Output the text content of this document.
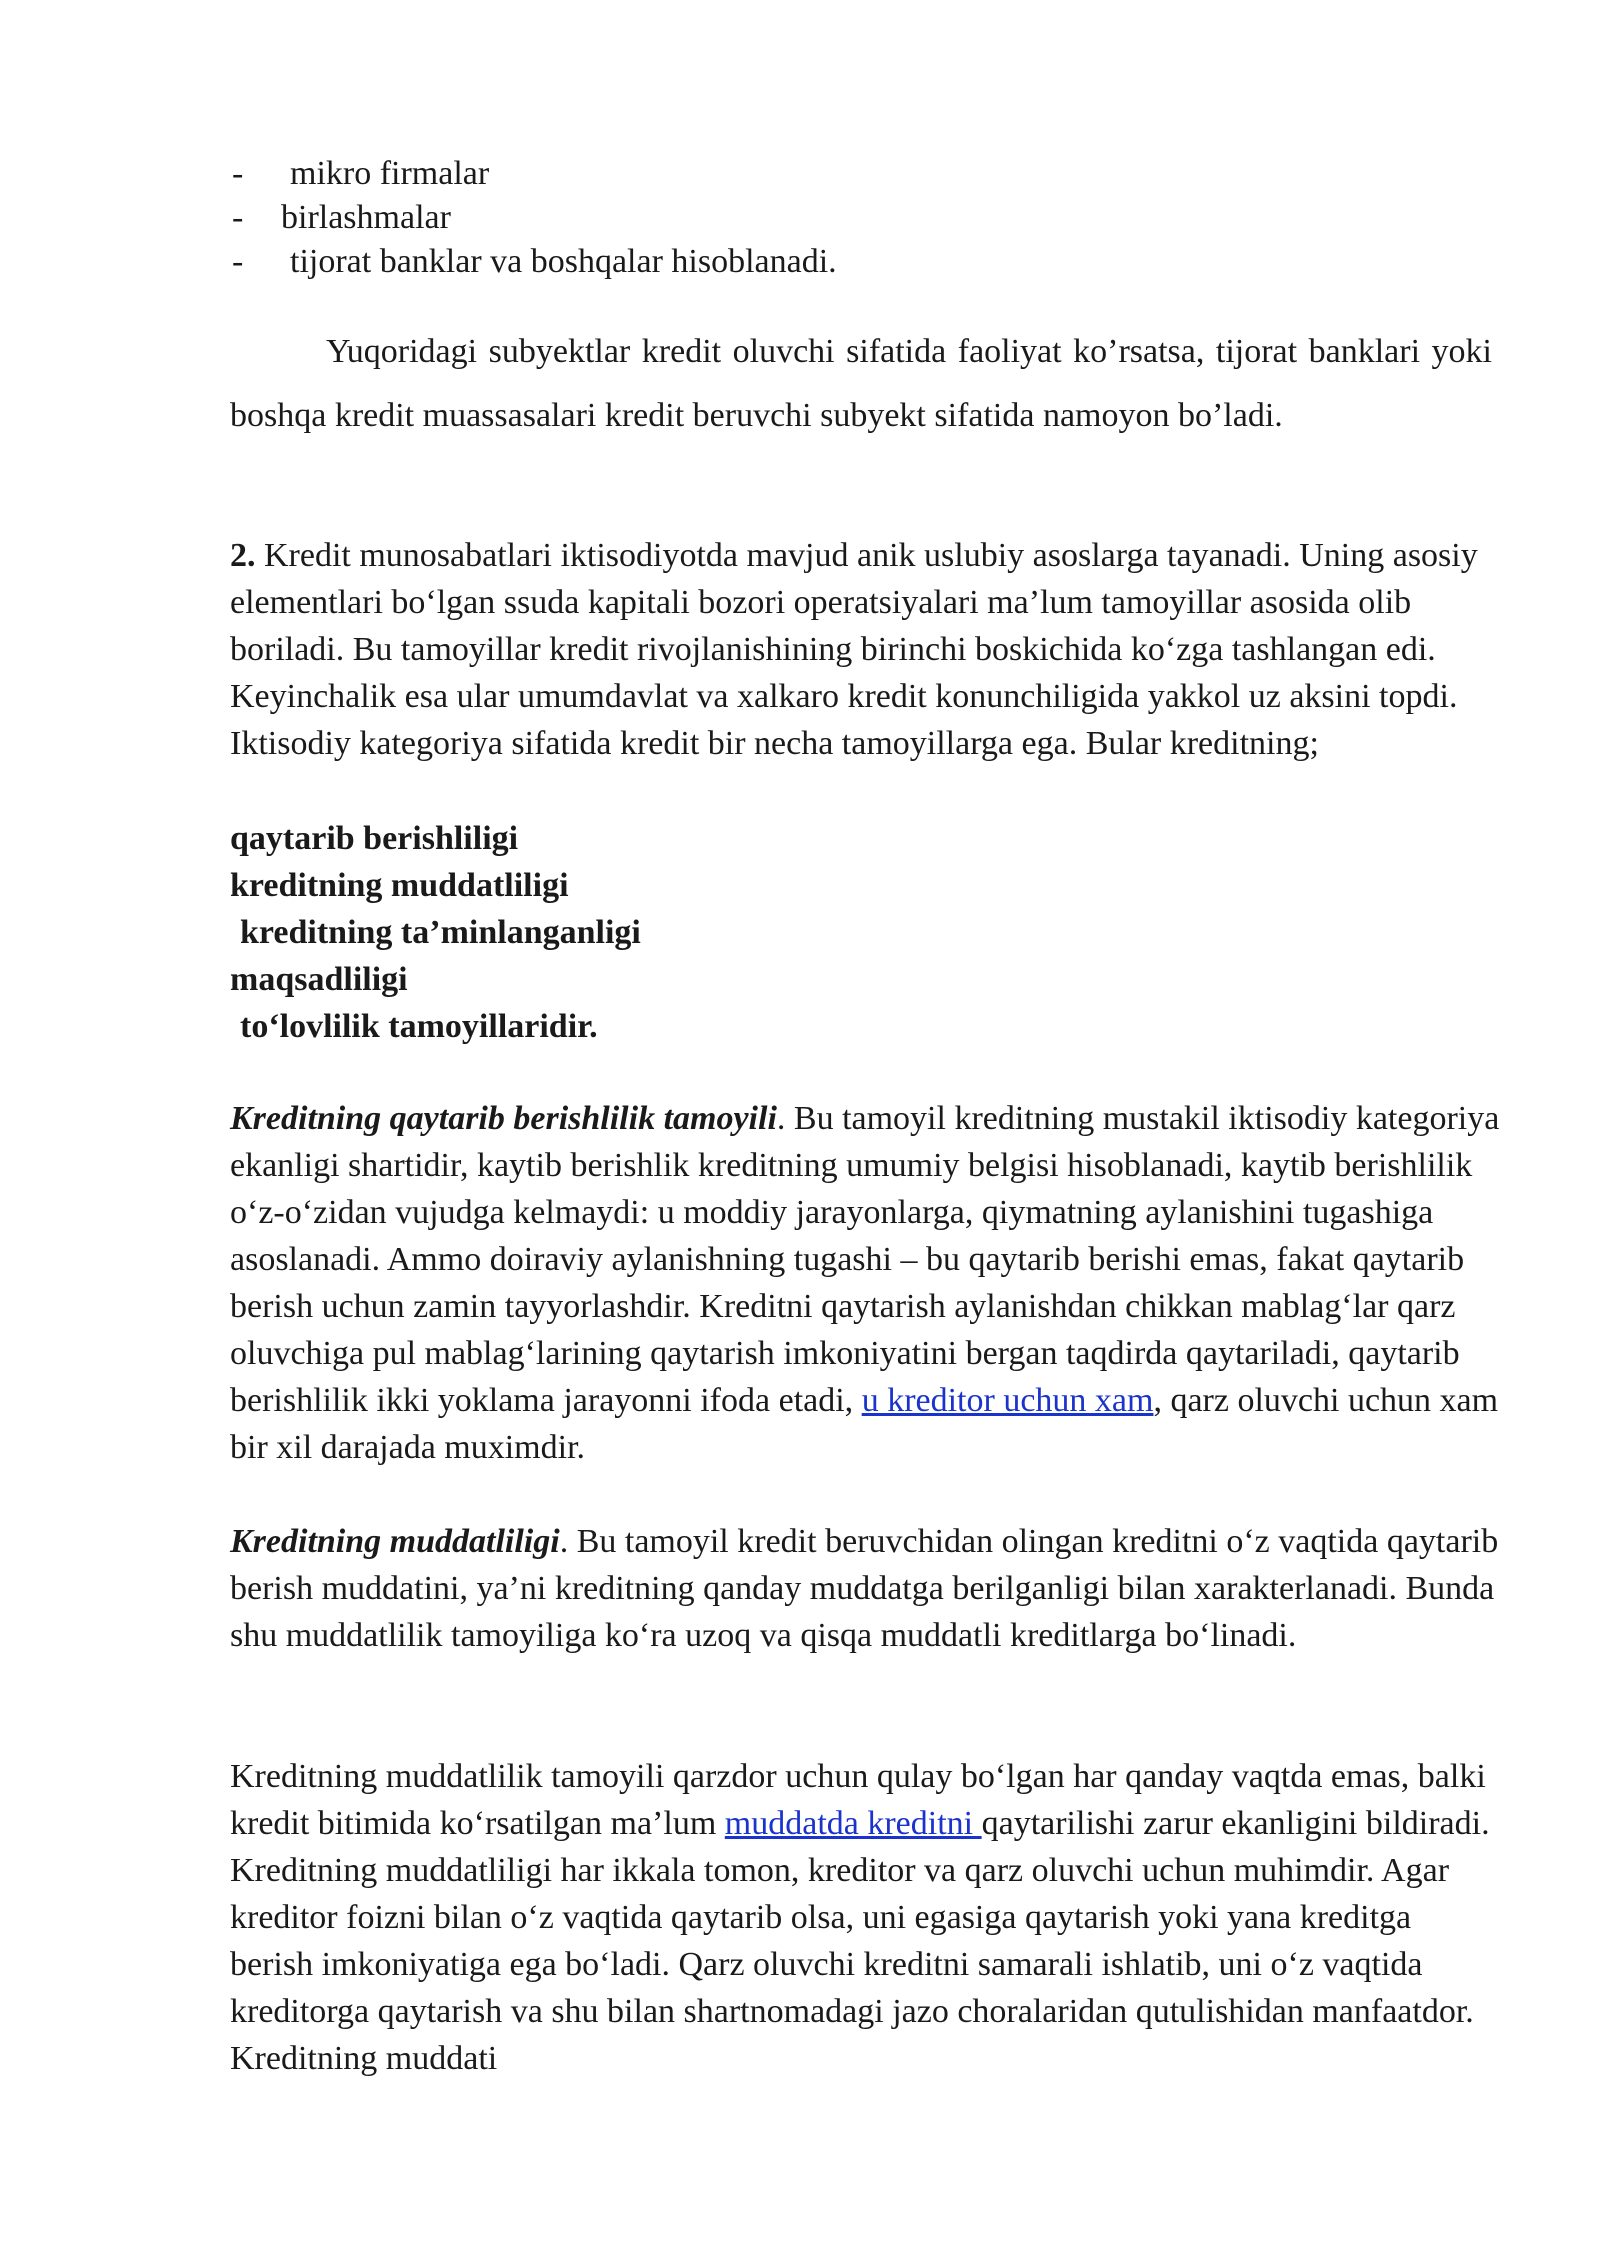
-	mikro firmalar
-	birlashmalar
-	tijorat banklar va boshqalar hisoblanadi.

Yuqoridagi subyektlar kredit oluvchi sifatida faoliyat ko’rsatsa, tijorat banklari yoki boshqa kredit muassasalari kredit beruvchi subyekt sifatida namoyon bo’ladi.

2. Kredit munosabatlari iktisodiyotda mavjud anik uslubiy asoslarga tayanadi. Uning asosiy elementlari bo‘lgan ssuda kapitali bozori operatsiyalari ma’lum tamoyillar asosida olib boriladi. Bu tamoyillar kredit rivojlanishining birinchi boskichida ko‘zga tashlangan edi. Keyinchalik esa ular umumdavlat va xalkaro kredit konunchiligida yakkol uz aksini topdi. Iktisodiy kategoriya sifatida kredit bir necha tamoyillarga ega. Bular kreditning;

qaytarib berishliligi
kreditning muddatliligi
kreditning ta’minlanganligi
maqsadliligi
to‘lovlilik tamoyillaridir.

Kreditning qaytarib berishlilik tamoyili. Bu tamoyil kreditning mustakil iktisodiy kategoriya ekanligi shartidir, kaytib berishlik kreditning umumiy belgisi hisoblanadi, kaytib berishlilik o‘z-o‘zidan vujudga kelmaydi: u moddiy jarayonlarga, qiymatning aylanishini tugashiga asoslanadi. Ammo doiraviy aylanishning tugashi – bu qaytarib berishi emas, fakat qaytarib berish uchun zamin tayyorlashdir. Kreditni qaytarish aylanishdan chikkan mablag‘lar qarz oluvchiga pul mablag‘larining qaytarish imkoniyatini bergan taqdirda qaytariladi, qaytarib berishlilik ikki yoklama jarayonni ifoda etadi, u kreditor uchun xam, qarz oluvchi uchun xam bir xil darajada muximdir.

Kreditning muddatliligi. Bu tamoyil kredit beruvchidan olingan kreditni o‘z vaqtida qaytarib berish muddatini, ya’ni kreditning qanday muddatga berilganligi bilan xarakterlanadi. Bunda shu muddatlilik tamoyiliga ko‘ra uzoq va qisqa muddatli kreditlarga bo‘linadi.

Kreditning muddatlilik tamoyili qarzdor uchun qulay bo‘lgan har qanday vaqtda emas, balki kredit bitimida ko‘rsatilgan ma’lum muddatda kreditni qaytarilishi zarur ekanligini bildiradi. Kreditning muddatliligi har ikkala tomon, kreditor va qarz oluvchi uchun muhimdir. Agar kreditor foizni bilan o‘z vaqtida qaytarib olsa, uni egasiga qaytarish yoki yana kreditga berish imkoniyatiga ega bo‘ladi. Qarz oluvchi kreditni samarali ishlatib, uni o‘z vaqtida kreditorga qaytarish va shu bilan shartnomadagi jazo choralaridan qutulishidan manfaatdor. Kreditning muddati
